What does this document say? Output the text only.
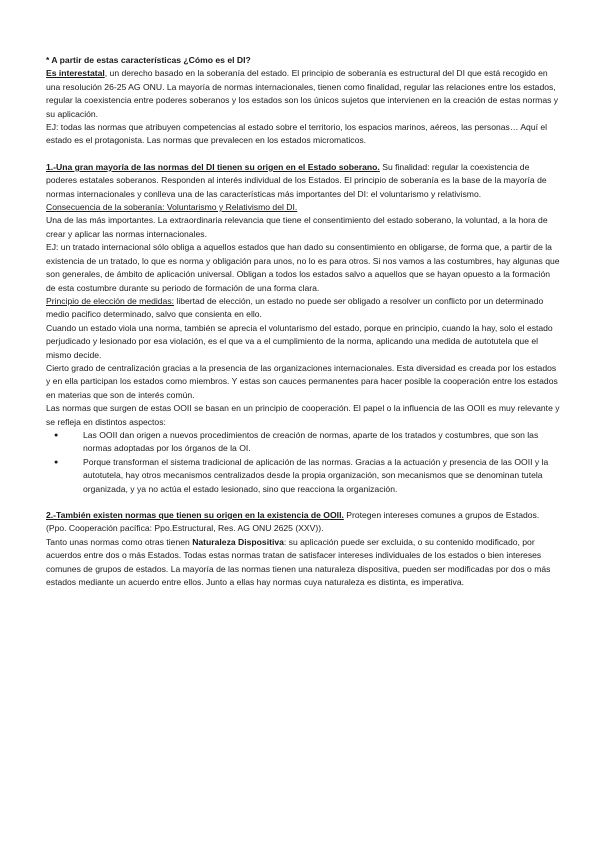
* A partir de estas características ¿Cómo es el DI?

Es interestatal, un derecho basado en la soberanía del estado. El principio de soberanía es estructural del DI que está recogido en una resolución 26-25 AG ONU. La mayoría de normas internacionales, tienen como finalidad, regular las relaciones entre los estados, regular la coexistencia entre poderes soberanos y los estados son los únicos sujetos que intervienen en la creación de estas normas y su aplicación.

EJ: todas las normas que atribuyen competencias al estado sobre el territorio, los espacios marinos, aéreos, las personas… Aquí el estado es el protagonista. Las normas que prevalecen en los estados micromaticos.

1.-Una gran mayoría de las normas del DI tienen su origen en el Estado soberano. Su finalidad: regular la coexistencia de poderes estatales soberanos. Responden al interés individual de los Estados. El principio de soberanía es la base de la mayoría de normas internacionales y conlleva una de las características más importantes del DI: el voluntarismo y relativismo.

Consecuencia de la soberanía: Voluntarismo y Relativismo del DI.

Una de las más importantes. La extraordinaria relevancia que tiene el consentimiento del estado soberano, la voluntad, a la hora de crear y aplicar las normas internacionales.

EJ: un tratado internacional sólo obliga a aquellos estados que han dado su consentimiento en obligarse, de forma que, a partir de la existencia de un tratado, lo que es norma y obligación para unos, no lo es para otros. Si nos vamos a las costumbres, hay algunas que son generales, de ámbito de aplicación universal. Obligan a todos los estados salvo a aquellos que se hayan opuesto a la formación de esta costumbre durante su periodo de formación de una forma clara.

Principio de elección de medidas: libertad de elección, un estado no puede ser obligado a resolver un conflicto por un determinado medio pacifico determinado, salvo que consienta en ello.

Cuando un estado viola una norma, también se aprecia el voluntarismo del estado, porque en principio, cuando la hay, solo el estado perjudicado y lesionado por esa violación, es el que va a el cumplimiento de la norma, aplicando una medida de autotutela que el mismo decide.

Cierto grado de centralización gracias a la presencia de las organizaciones internacionales. Esta diversidad es creada por los estados y en ella participan los estados como miembros. Y estas son cauces permanentes para hacer posible la cooperación entre los estados en materias que son de interés común.

Las normas que surgen de estas OOII se basan en un principio de cooperación. El papel o la influencia de las OOII es muy relevante y se refleja en distintos aspectos:

● Las OOII dan origen a nuevos procedimientos de creación de normas, aparte de los tratados y costumbres, que son las normas adoptadas por los órganos de la OI.
● Porque transforman el sistema tradicional de aplicación de las normas. Gracias a la actuación y presencia de las OOII y la autotutela, hay otros mecanismos centralizados desde la propia organización, son mecanismos que se denominan tutela organizada, y ya no actúa el estado lesionado, sino que reacciona la organización.

2.-También existen normas que tienen su origen en la existencia de OOII. Protegen intereses comunes a grupos de Estados. (Ppo. Cooperación pacífica: Ppo.Estructural, Res. AG ONU 2625 (XXV)).

Tanto unas normas como otras tienen Naturaleza Dispositiva: su aplicación puede ser excluida, o su contenido modificado, por acuerdos entre dos o más Estados. Todas estas normas tratan de satisfacer intereses individuales de los estados o bien intereses comunes de grupos de estados. La mayoría de las normas tienen una naturaleza dispositiva, pueden ser modificadas por dos o más estados mediante un acuerdo entre ellos. Junto a ellas hay normas cuya naturaleza es distinta, es imperativa.
